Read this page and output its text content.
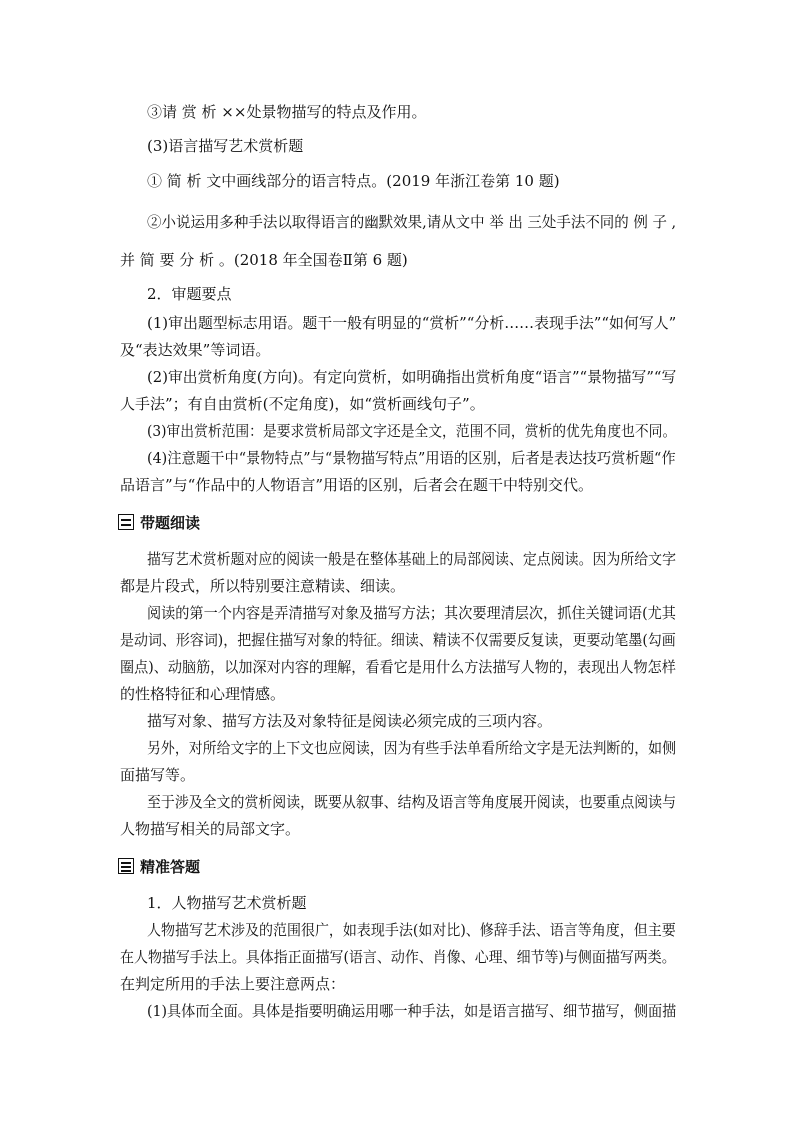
③请 赏 析 ××处景物描写的特点及作用。
(3)语言描写艺术赏析题
① 简 析 文中画线部分的语言特点。(2019 年浙江卷第 10 题)
②小说运用多种手法以取得语言的幽默效果,请从文中 举 出 三处手法不同的 例 子 ,
并 简 要 分 析 。(2018 年全国卷Ⅱ第 6 题)
2．审题要点
(1)审出题型标志用语。题干一般有明显的“赏析”“分析……表现手法”“如何写人”
及“表达效果”等词语。
(2)审出赏析角度(方向)。有定向赏析，如明确指出赏析角度“语言”“景物描写”“写
人手法”；有自由赏析(不定角度)，如“赏析画线句子”。
(3)审出赏析范围：是要求赏析局部文字还是全文，范围不同，赏析的优先角度也不同。
(4)注意题干中“景物特点”与“景物描写特点”用语的区别，后者是表达技巧赏析题“作
品语言”与“作品中的人物语言”用语的区别，后者会在题干中特别交代。
带题细读
描写艺术赏析题对应的阅读一般是在整体基础上的局部阅读、定点阅读。因为所给文字
都是片段式，所以特别要注意精读、细读。
阅读的第一个内容是弄清描写对象及描写方法；其次要理清层次，抓住关键词语(尤其
是动词、形容词)，把握住描写对象的特征。细读、精读不仅需要反复读，更要动笔墨(勾画
圈点)、动脑筋，以加深对内容的理解，看看它是用什么方法描写人物的，表现出人物怎样
的性格特征和心理情感。
描写对象、描写方法及对象特征是阅读必须完成的三项内容。
另外，对所给文字的上下文也应阅读，因为有些手法单看所给文字是无法判断的，如侧
面描写等。
至于涉及全文的赏析阅读，既要从叙事、结构及语言等角度展开阅读，也要重点阅读与
人物描写相关的局部文字。
精准答题
1．人物描写艺术赏析题
人物描写艺术涉及的范围很广，如表现手法(如对比)、修辞手法、语言等角度，但主要
在人物描写手法上。具体指正面描写(语言、动作、肖像、心理、细节等)与侧面描写两类。
在判定所用的手法上要注意两点：
(1)具体而全面。具体是指要明确运用哪一种手法，如是语言描写、细节描写，侧面描
